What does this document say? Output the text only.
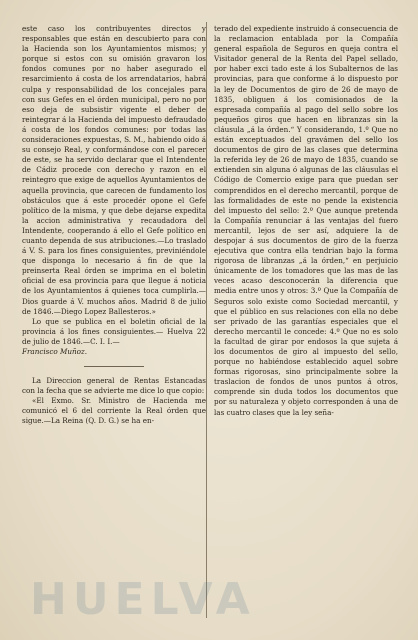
este caso los contribuyentes directos y responsables que están en descubierto para con la Hacienda son los Ayuntamientos mismos; y porque si estos con su omisión gravaron los fondos comunes por no haber asegurado el resarcimiento á costa de los arrendatarios, habrá culpa y responsabilidad de los concejales para con sus Gefes en el órden municipal, pero no por eso deja de subsistir vigente el deber de reintegrar á la Hacienda del impuesto defraudado á costa de los fondos comunes: por todas las consideraciones expuestas, S. M., habiendo oido á su consejo Real, y conformándose con el parecer de este, se ha servido declarar que el Intendente de Cádiz procede con derecho y razon en el reintegro que exige de aquellos Ayuntamientos de aquella provincia, que carecen de fundamento los obstáculos que á este procedér opone el Gefe político de la misma, y que debe dejarse expedita la accion administrativa y recaudadora del Intendente, cooperando á ello el Gefe político en cuanto dependa de sus atribuciones.—Lo traslado á V. S. para los fines consiguientes, previniéndole que disponga lo necesario á fin de que la preinserta Real órden se imprima en el boletin oficial de esa provincia para que llegue á noticia de los Ayuntamientos á quienes toca cumplirla.—Dios guarde á V. muchos años. Madrid 8 de julio de 1846.—Diego Lopez Ballesteros.»

Lo que se publica en el boletin oficial de la provincia á los fines consiguientes.— Huelva 22 de julio de 1846.—C. I. I.—

Francisco Muñoz.

La Direccion general de Rentas Estancadas con la fecha que se advierte me dice lo que copio:

«El Exmo. Sr. Ministro de Hacienda me comunicó el 6 del corriente la Real órden que sigue.—La Reina (Q. D. G.) se ha en-

terado del expediente instruido á consecuencia de la reclamacion entablada por la Compañía general española de Seguros en queja contra el Visitador general de la Renta del Papel sellado, por haber exci tado este á los Subalternos de las provincias, para que conforme á lo dispuesto por la ley de Documentos de giro de 26 de mayo de 1835, obliguen á los comisionados de la espresada compañía al pago del sello sobre los pequeños giros que hacen en libranzas sin la cláusula „á la órden.“ Y considerando, 1.º Que no están exceptuados del gravámen del sello los documentos de giro de las clases que determina la referida ley de 26 de mayo de 1835, cuando se extienden sin alguna ó algunas de las cláusulas el Código de Comercio exige para que puedan ser comprendidos en el derecho mercantil, porque de las formalidades de este no pende la existencia del impuesto del sello: 2.º Que aunque pretenda la Compañía renunciar á las ventajas del fuero mercantil, lejos de ser así, adquiere la de despojar á sus documentos de giro de la fuerza ejecutiva que contra ella tendrian bajo la forma rigorosa de libranzas „á la órden,“ en perjuicio únicamente de los tomadores que las mas de las veces acaso desconocerán la diferencia que media entre unos y otros: 3.º Que la Compañía de Seguros solo existe como Sociedad mercantil, y que el público en sus relaciones con ella no debe ser privado de las garantías especiales que el derecho mercantil le concede: 4.º Que no es solo la facultad de girar por endosos la que sujeta á los documentos de giro al impuesto del sello, porque no habiéndose establecido aquel sobre formas rigorosas, sino principalmente sobre la traslacion de fondos de unos puntos á otros, comprende sin duda todos los documentos que por su naturaleza y objeto corresponden á una de las cuatro clases que la ley seña-

HUELVA
